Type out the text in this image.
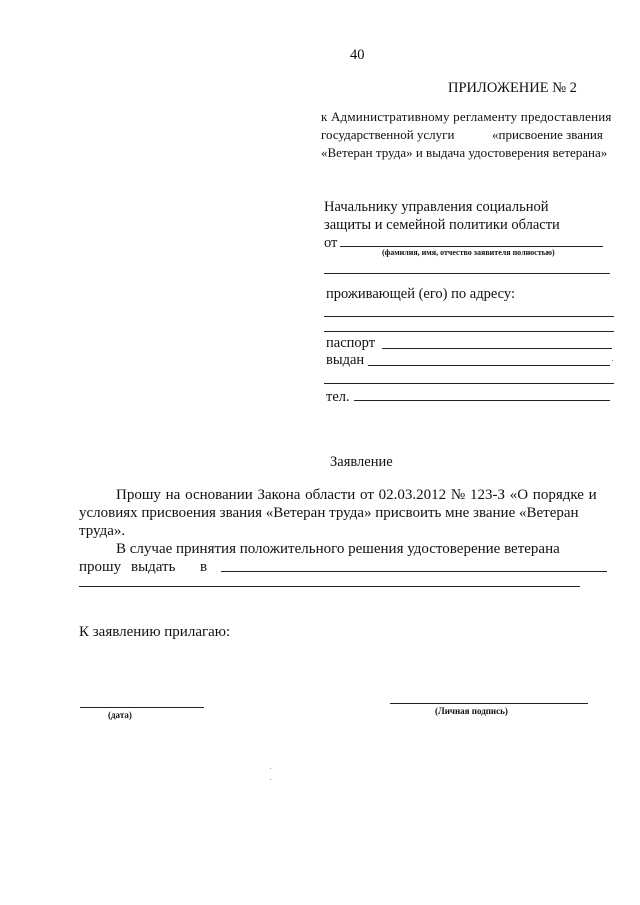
40
ПРИЛОЖЕНИЕ № 2
к Административному регламенту предоставления
государственной услуги	«присвоение звания
«Ветеран труда» и выдача удостоверения ветерана»
Начальнику управления социальной
защиты и семейной политики области
от
(фамилия, имя, отчество заявителя полностью)
проживающей (его) по адресу:
паспорт
выдан
тел.
Заявление
Прошу на основании Закона области от 02.03.2012 № 123-З «О порядке и
условиях присвоения звания «Ветеран труда» присвоить мне звание «Ветеран
труда».
В случае принятия положительного решения удостоверение ветерана
прошу выдать в
К заявлению прилагаю:
(дата)	(Личная подпись)
